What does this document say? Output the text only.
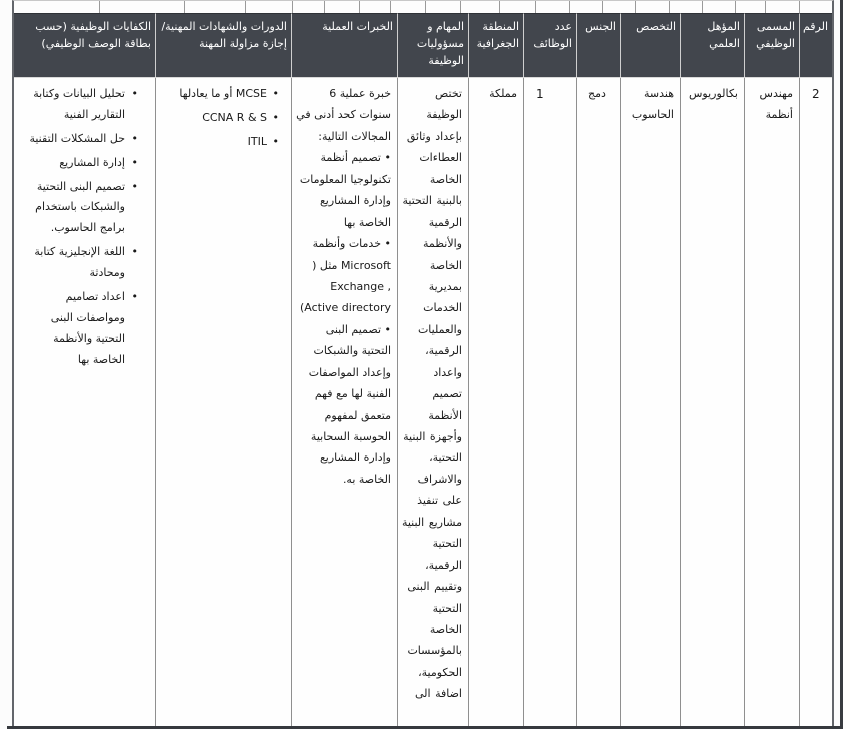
الرقم
2
المسمى الوظيفي
مهندس أنظمة
المؤهل العلمي
بكالوريوس
التخصص
هندسة الحاسوب
الجنس
دمج
عدد الوظائف
1
المنطقة الجغرافية
مملكة
المهام و مسؤوليات الوظيفة
تختص الوظيفة بإعداد وثائق العطاءات الخاصة بالبنية التحتية الرقمية والأنظمة الخاصة بمديرية الخدمات والعمليات الرقمية، واعداد تصميم الأنظمة وأجهزة البنية التحتية، والاشراف على تنفيذ مشاريع البنية التحتية الرقمية، وتقييم البنى التحتية الخاصة بالمؤسسات الحكومية، اضافة الى
الخبرات العملية

خبرة عملية 6 سنوات كحد أدنى في المجالات التالية:

• تصميم أنظمة تكنولوجيا المعلومات وإدارة المشاريع الخاصة بها
• خدمات وأنظمة Microsoft مثل ( Exchange , Active directory)
• تصميم البنى التحتية والشبكات وإعداد المواصفات الفنية لها مع فهم متعمق لمفهوم الحوسبة السحابية وإدارة المشاريع الخاصة به.
الدورات والشهادات المهنية/إجازة مزاولة المهنة
• MCSE أو ما يعادلها
• CCNA R & S
• ITIL
الكفايات الوظيفية (حسب بطاقة الوصف الوظيفي)
• تحليل البيانات وكتابة التقارير الفنية
• حل المشكلات التقنية
• إدارة المشاريع
• تصميم البنى التحتية والشبكات باستخدام برامج الحاسوب.
• اللغة الإنجليزية كتابة ومحادثة
• اعداد تصاميم ومواصفات البنى التحتية والأنظمة الخاصة بها
